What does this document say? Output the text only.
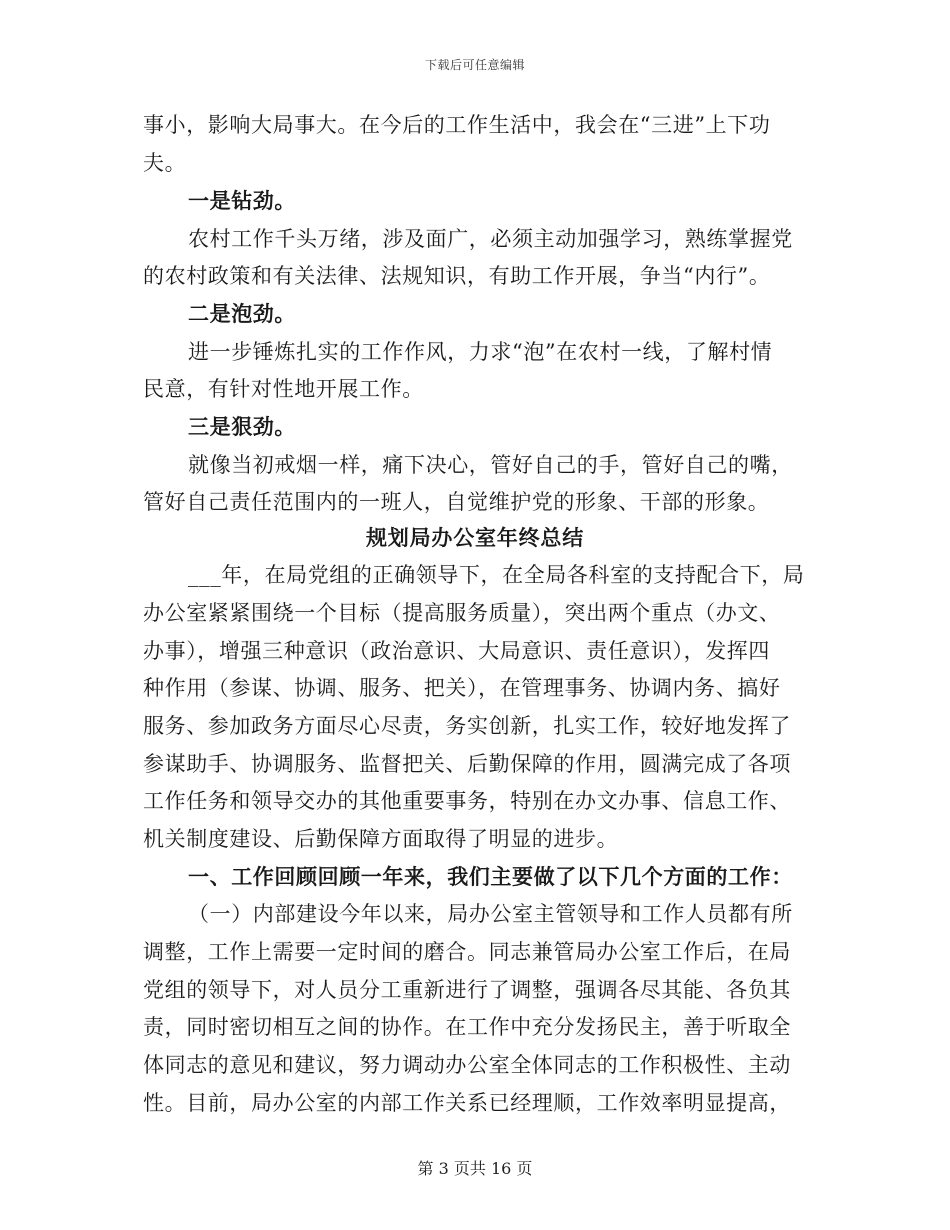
下载后可任意编辑
事小，影响大局事大。在今后的工作生活中，我会在“三进”上下功
夫。
一是钻劲。
农村工作千头万绪，涉及面广，必须主动加强学习，熟练掌握党
的农村政策和有关法律、法规知识，有助工作开展，争当“内行”。
二是泡劲。
进一步锤炼扎实的工作作风，力求“泡”在农村一线，了解村情
民意，有针对性地开展工作。
三是狠劲。
就像当初戒烟一样，痛下决心，管好自己的手，管好自己的嘴，
管好自己责任范围内的一班人，自觉维护党的形象、干部的形象。
规划局办公室年终总结
___年，在局党组的正确领导下，在全局各科室的支持配合下，局
办公室紧紧围绕一个目标（提高服务质量），突出两个重点（办文、
办事），增强三种意识（政治意识、大局意识、责任意识），发挥四
种作用（参谋、协调、服务、把关），在管理事务、协调内务、搞好
服务、参加政务方面尽心尽责，务实创新，扎实工作，较好地发挥了
参谋助手、协调服务、监督把关、后勤保障的作用，圆满完成了各项
工作任务和领导交办的其他重要事务，特别在办文办事、信息工作、
机关制度建设、后勤保障方面取得了明显的进步。
一、工作回顾回顾一年来，我们主要做了以下几个方面的工作：
（一）内部建设今年以来，局办公室主管领导和工作人员都有所
调整，工作上需要一定时间的磨合。同志兼管局办公室工作后，在局
党组的领导下，对人员分工重新进行了调整，强调各尽其能、各负其
责，同时密切相互之间的协作。在工作中充分发扬民主，善于听取全
体同志的意见和建议，努力调动办公室全体同志的工作积极性、主动
性。目前，局办公室的内部工作关系已经理顺，工作效率明显提高，
第 3 页共 16 页
